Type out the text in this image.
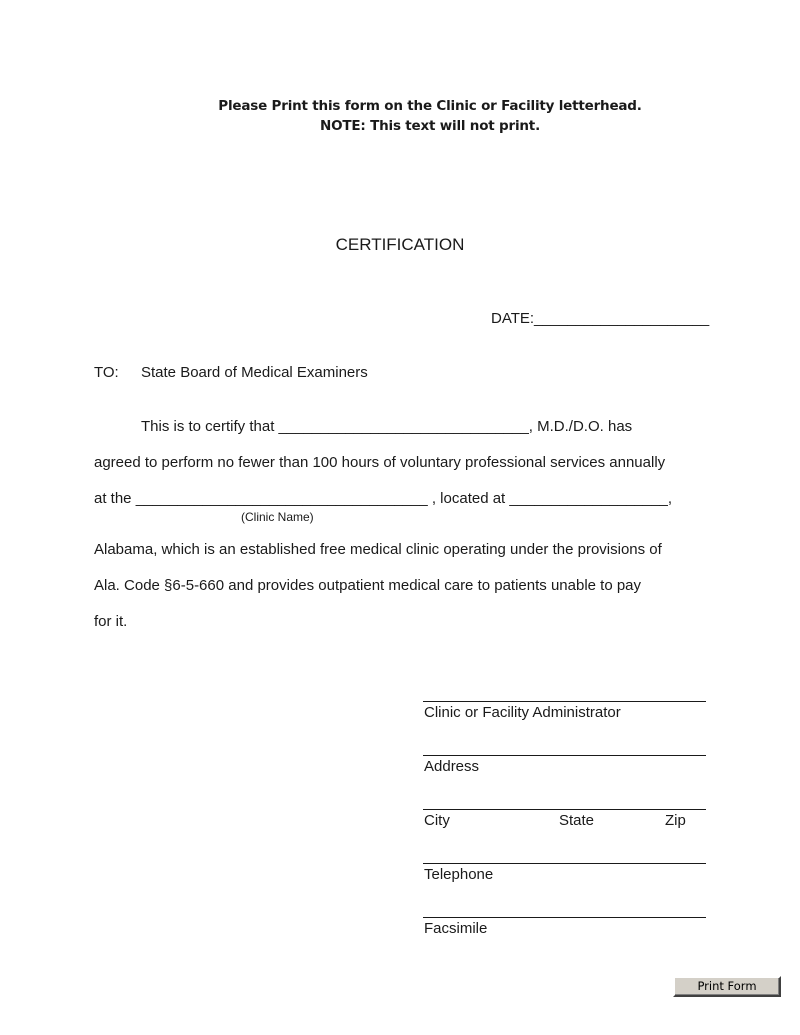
Please Print this form on the Clinic or Facility letterhead.
NOTE: This text will not print.
CERTIFICATION
DATE:_____________________
TO: State Board of Medical Examiners
This is to certify that ______________________________, M.D./D.O. has
agreed to perform no fewer than 100 hours of voluntary professional services annually
at the ___________________________________ , located at ___________________,
(Clinic Name)
Alabama, which is an established free medical clinic operating under the provisions of
Ala. Code §6-5-660 and provides outpatient medical care to patients unable to pay
for it.
Clinic or Facility Administrator
Address
City	State	Zip
Telephone
Facsimile
Print Form
